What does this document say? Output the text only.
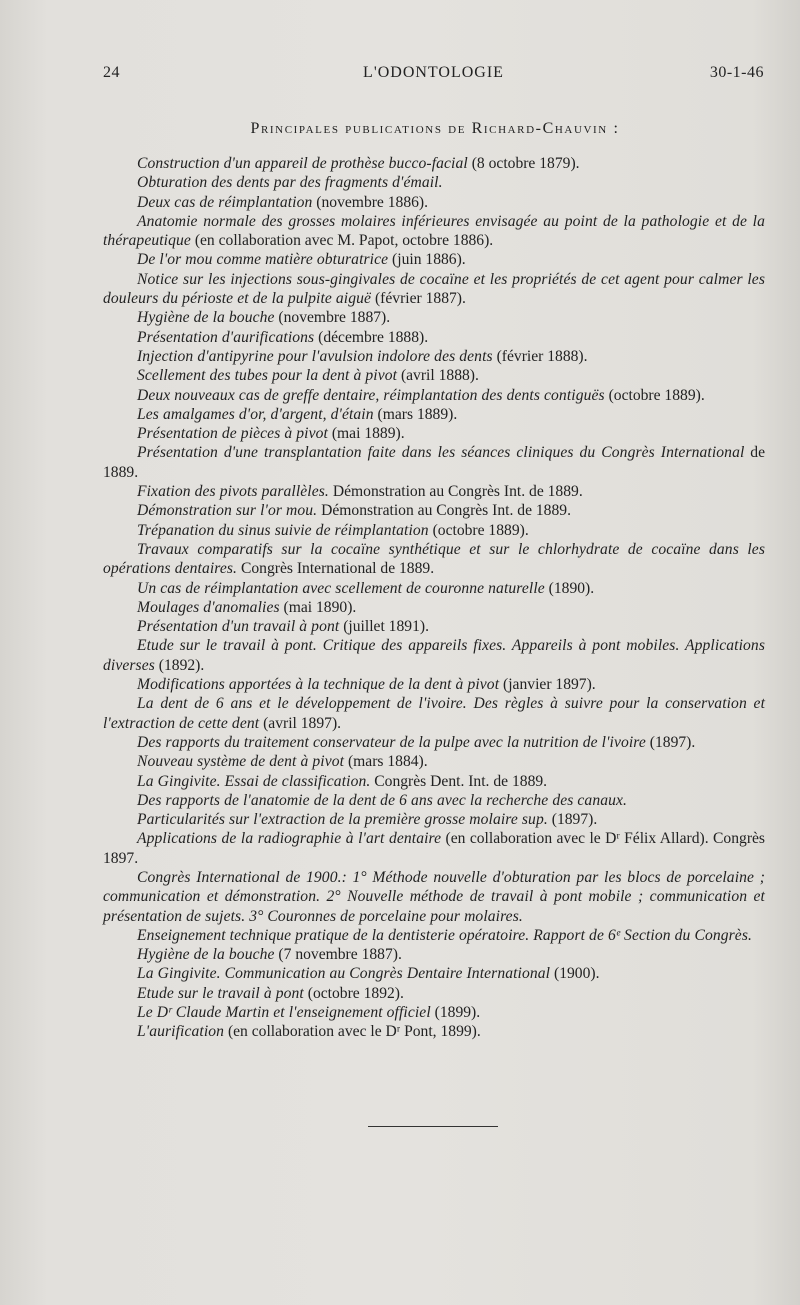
24	L'ODONTOLOGIE	30-1-46
Principales publications de Richard-Chauvin :

Construction d'un appareil de prothèse bucco-facial (8 octobre 1879).

Obturation des dents par des fragments d'émail.

Deux cas de réimplantation (novembre 1886).

Anatomie normale des grosses molaires inférieures envisagée au point de la pathologie et de la thérapeutique (en collaboration avec M. Papot, octobre 1886).

De l'or mou comme matière obturatrice (juin 1886).

Notice sur les injections sous-gingivales de cocaïne et les propriétés de cet agent pour calmer les douleurs du périoste et de la pulpite aiguë (février 1887).

Hygiène de la bouche (novembre 1887).

Présentation d'aurifications (décembre 1888).

Injection d'antipyrine pour l'avulsion indolore des dents (février 1888).

Scellement des tubes pour la dent à pivot (avril 1888).

Deux nouveaux cas de greffe dentaire, réimplantation des dents contiguës (octobre 1889).

Les amalgames d'or, d'argent, d'étain (mars 1889).

Présentation de pièces à pivot (mai 1889).

Présentation d'une transplantation faite dans les séances cliniques du Congrès International de 1889.

Fixation des pivots parallèles. Démonstration au Congrès Int. de 1889.

Démonstration sur l'or mou. Démonstration au Congrès Int. de 1889.

Trépanation du sinus suivie de réimplantation (octobre 1889).

Travaux comparatifs sur la cocaïne synthétique et sur le chlorhydrate de cocaïne dans les opérations dentaires. Congrès International de 1889.

Un cas de réimplantation avec scellement de couronne naturelle (1890).

Moulages d'anomalies (mai 1890).

Présentation d'un travail à pont (juillet 1891).

Etude sur le travail à pont. Critique des appareils fixes. Appareils à pont mobiles. Applications diverses (1892).

Modifications apportées à la technique de la dent à pivot (janvier 1897).

La dent de 6 ans et le développement de l'ivoire. Des règles à suivre pour la conservation et l'extraction de cette dent (avril 1897).

Des rapports du traitement conservateur de la pulpe avec la nutrition de l'ivoire (1897).

Nouveau système de dent à pivot (mars 1884).

La Gingivite. Essai de classification. Congrès Dent. Int. de 1889.

Des rapports de l'anatomie de la dent de 6 ans avec la recherche des canaux.

Particularités sur l'extraction de la première grosse molaire sup. (1897).

Applications de la radiographie à l'art dentaire (en collaboration avec le Dʳ Félix Allard). Congrès 1897.

Congrès International de 1900.: 1° Méthode nouvelle d'obturation par les blocs de porcelaine ; communication et démonstration. 2° Nouvelle méthode de travail à pont mobile ; communication et présentation de sujets. 3° Couronnes de porcelaine pour molaires.

Enseignement technique pratique de la dentisterie opératoire. Rapport de 6ᵉ Section du Congrès.

Hygiène de la bouche (7 novembre 1887).

La Gingivite. Communication au Congrès Dentaire International (1900).

Etude sur le travail à pont (octobre 1892).

Le Dʳ Claude Martin et l'enseignement officiel (1899).

L'aurification (en collaboration avec le Dʳ Pont, 1899).
